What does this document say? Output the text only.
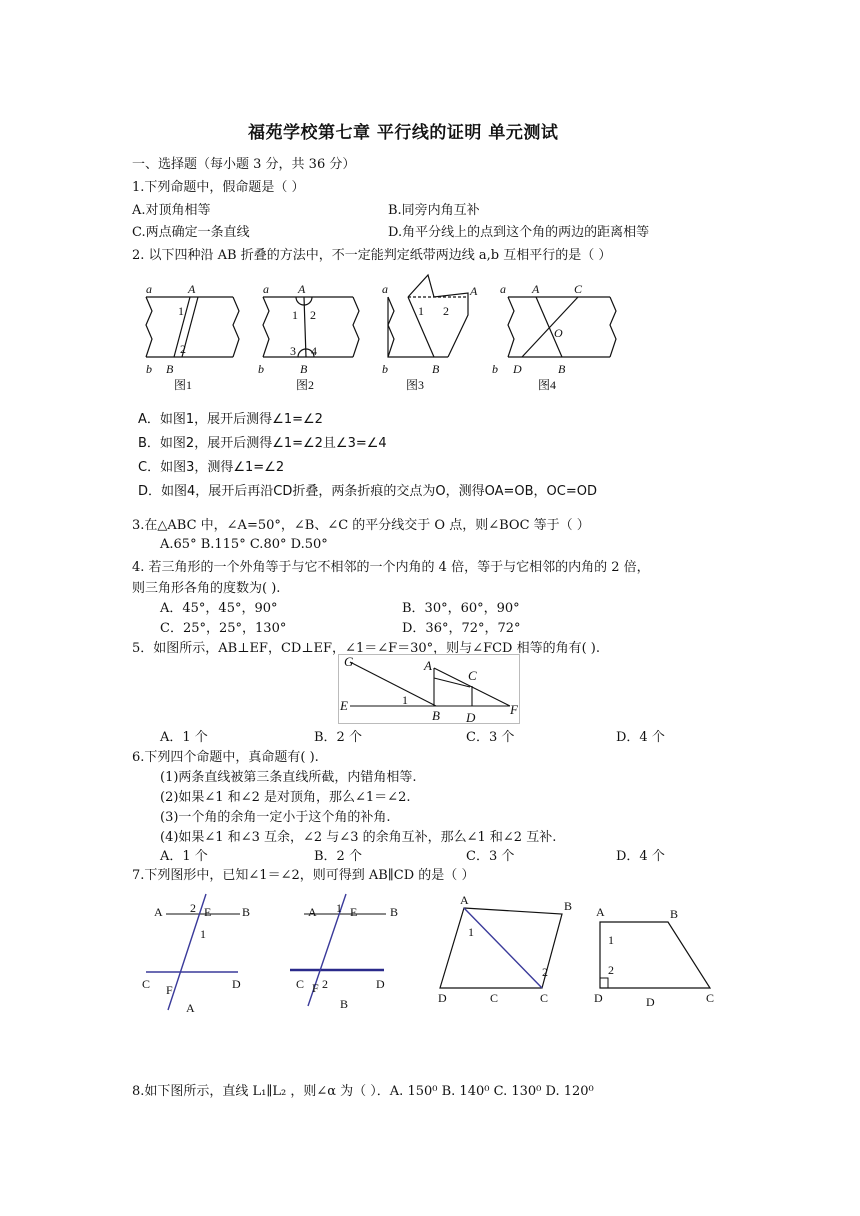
福苑学校第七章 平行线的证明 单元测试
一、选择题（每小题 3 分，共 36 分）
1.下列命题中，假命题是（ ）
A.对顶角相等	B.同旁内角互补
C.两点确定一条直线	D.角平分线上的点到这个角的两边的距离相等
2. 以下四种沿 AB 折叠的方法中，不一定能判定纸带两边线 a,b 互相平行的是（ ）
a	A
b B
1
2
a A
b	B
1 2
3 4
a	A
b	B
1 2
a A	C
b D	B
O
图1	图2	图3	图4
A．如图1，展开后测得∠1=∠2
B．如图2，展开后测得∠1=∠2且∠3=∠4
C．如图3，测得∠1=∠2
D．如图4，展开后再沿CD折叠，两条折痕的交点为O，测得OA=OB，OC=OD
3.在△ABC 中，∠A=50°，∠B、∠C 的平分线交于 O 点，则∠BOC 等于（ ）
A.65° B.115° C.80° D.50°
4. 若三角形的一个外角等于与它不相邻的一个内角的 4 倍，等于与它相邻的内角的 2 倍，
则三角形各角的度数为( ).
A．45°，45°，90°	B．30°，60°，90°
C．25°，25°，130°	D．36°，72°，72°
5．如图所示，AB⊥EF，CD⊥EF，∠1＝∠F＝30°，则与∠FCD 相等的角有( ).
G	A
C
E
B D
F
1
A．1 个	B．2 个	C．3 个	D．4 个
6.下列四个命题中，真命题有( ).
(1)两条直线被第三条直线所截，内错角相等.
(2)如果∠1 和∠2 是对顶角，那么∠1＝∠2.
(3)一个角的余角一定小于这个角的补角.
(4)如果∠1 和∠3 互余，∠2 与∠3 的余角互补，那么∠1 和∠2 互补.
A．1 个	B．2 个	C．3 个	D．4 个
7.下列图形中，已知∠1＝∠2，则可得到 AB∥CD 的是（ ）
A 2 E	B
1
C F	D
A
A 1 E	B
C F 2	D
B
A	B
1
2
D	C	C
A	B
1
2
D	D	C
8.如下图所示，直线 L₁∥L₂ ，则∠α 为（ ）．A. 150⁰ B. 140⁰ C. 130⁰ D. 120⁰
